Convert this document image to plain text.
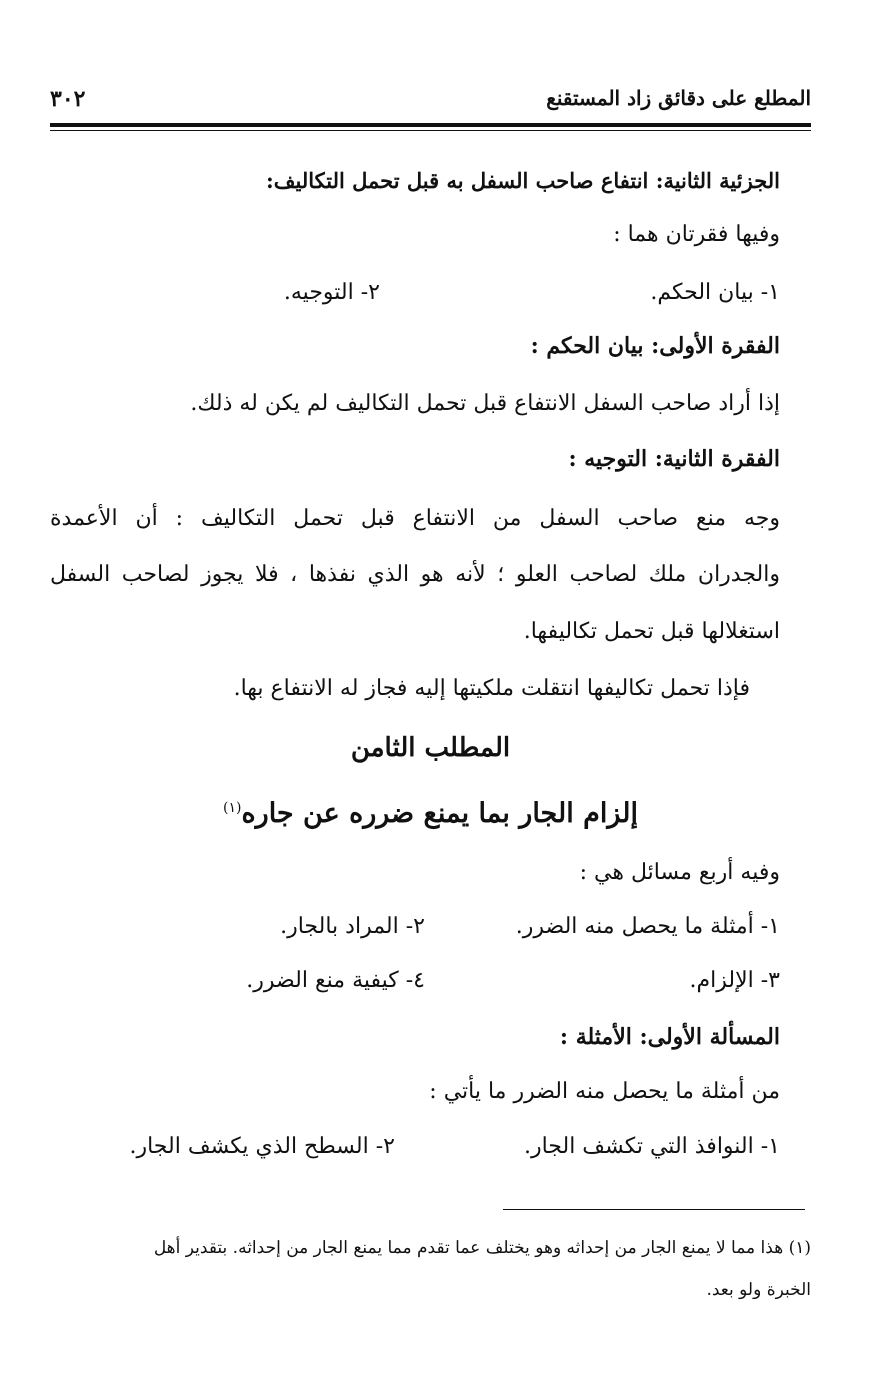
المطلع على دقائق زاد المستقنع
٣٠٢
الجزئية الثانية: انتفاع صاحب السفل به قبل تحمل التكاليف:
وفيها فقرتان هما :
١- بيان الحكم.
٢- التوجيه.
الفقرة الأولى: بيان الحكم :
إذا أراد صاحب السفل الانتفاع قبل تحمل التكاليف لم يكن له ذلك.
الفقرة الثانية: التوجيه :
وجه منع صاحب السفل من الانتفاع قبل تحمل التكاليف : أن الأعمدة
والجدران ملك لصاحب العلو ؛ لأنه هو الذي نفذها ، فلا يجوز لصاحب السفل
استغلالها قبل تحمل تكاليفها.
فإذا تحمل تكاليفها انتقلت ملكيتها إليه فجاز له الانتفاع بها.
المطلب الثامن
إلزام الجار بما يمنع ضرره عن جاره$^{(١)}$
وفيه أربع مسائل هي :
١- أمثلة ما يحصل منه الضرر.
٢- المراد بالجار.
٣- الإلزام.
٤- كيفية منع الضرر.
المسألة الأولى: الأمثلة :
من أمثلة ما يحصل منه الضرر ما يأتي :
١- النوافذ التي تكشف الجار.
٢- السطح الذي يكشف الجار.
(١) هذا مما لا يمنع الجار من إحداثه وهو يختلف عما تقدم مما يمنع الجار من إحداثه. بتقدير أهل
الخبرة ولو بعد.
